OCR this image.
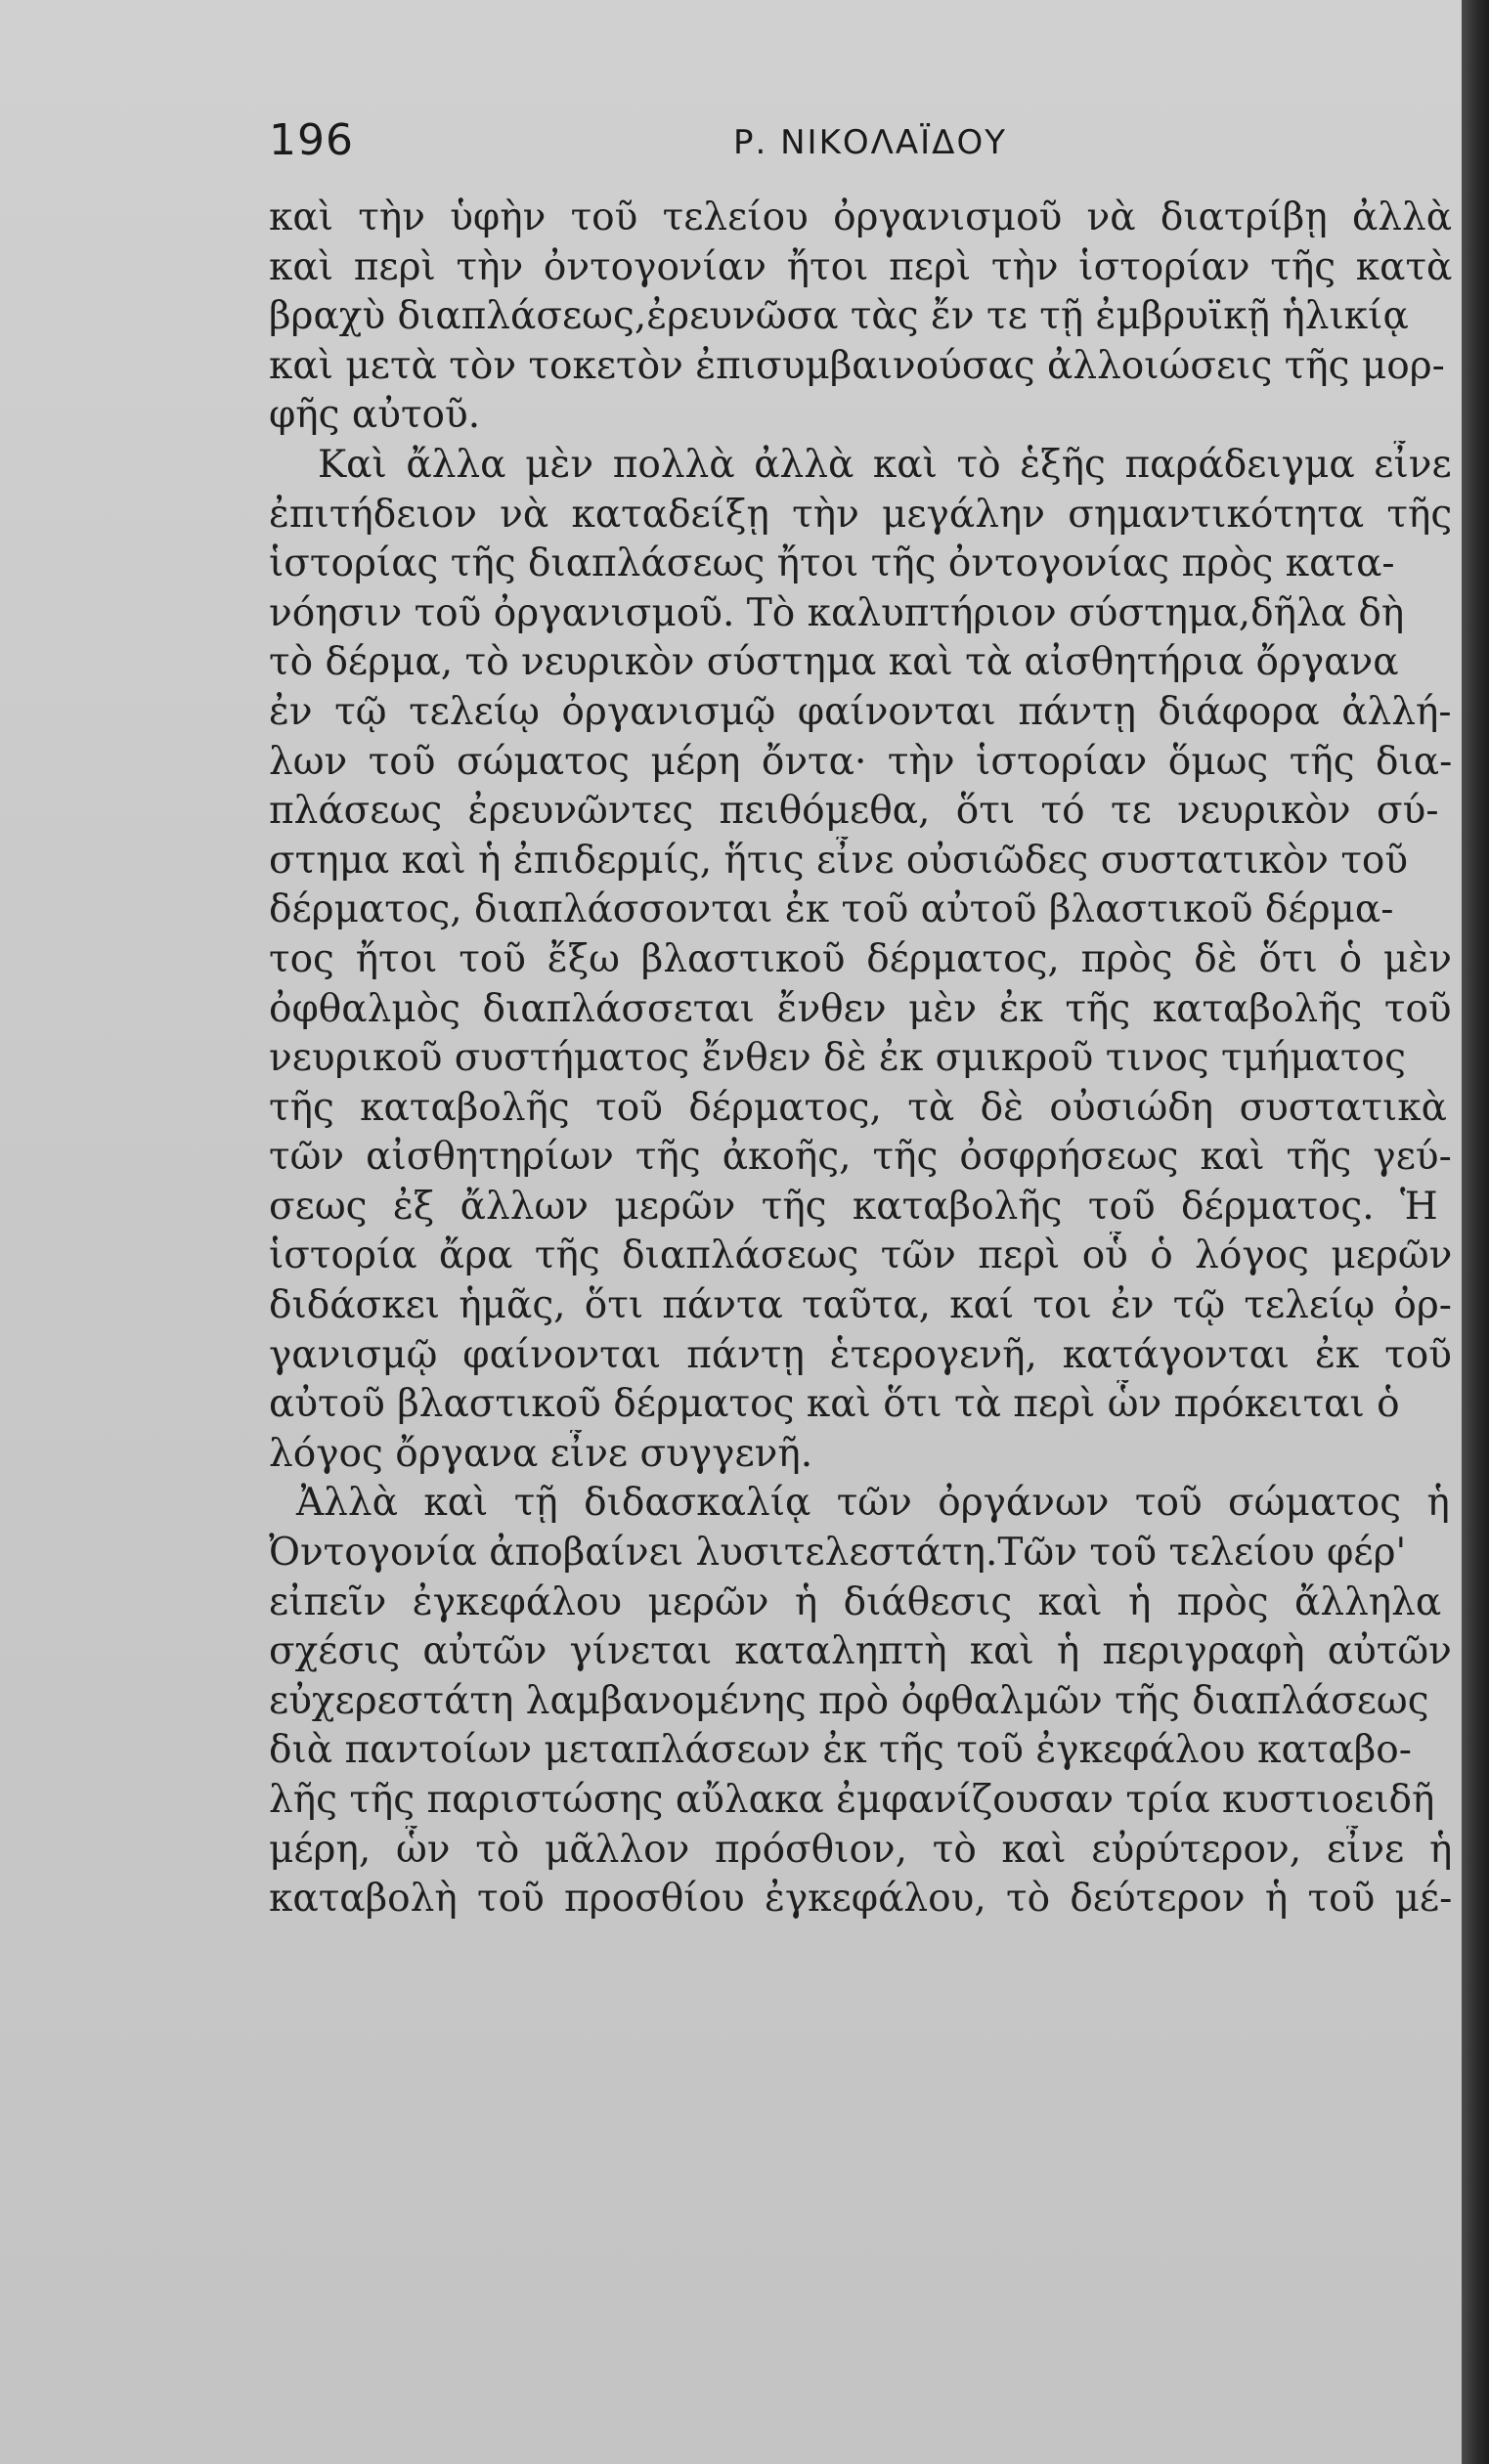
196	Ρ. ΝΙΚΟΛΑΪΔΟΥ
καὶ τὴν ὑφὴν τοῦ τελείου ὀργανισμοῦ νὰ διατρίβῃ ἀλλὰ
καὶ περὶ τὴν ὀντογονίαν ἤτοι περὶ τὴν ἱστορίαν τῆς κατὰ
βραχὺ διαπλάσεως,ἐρευνῶσα τὰς ἔν τε τῇ ἐμβρυϊκῇ ἡλικίᾳ
καὶ μετὰ τὸν τοκετὸν ἐπισυμβαινούσας ἀλλοιώσεις τῆς μορ-
φῆς αὐτοῦ.
Καὶ ἄλλα μὲν πολλὰ ἀλλὰ καὶ τὸ ἑξῆς παράδειγμα εἶνε
ἐπιτήδειον νὰ καταδείξῃ τὴν μεγάλην σημαντικότητα τῆς
ἱστορίας τῆς διαπλάσεως ἤτοι τῆς ὀντογονίας πρὸς κατα-
νόησιν τοῦ ὀργανισμοῦ. Τὸ καλυπτήριον σύστημα,δῆλα δὴ
τὸ δέρμα, τὸ νευρικὸν σύστημα καὶ τὰ αἰσθητήρια ὄργανα
ἐν τῷ τελείῳ ὀργανισμῷ φαίνονται πάντῃ διάφορα ἀλλή-
λων τοῦ σώματος μέρη ὄντα· τὴν ἱστορίαν ὅμως τῆς δια-
πλάσεως ἐρευνῶντες πειθόμεθα, ὅτι τό τε νευρικὸν σύ-
στημα καὶ ἡ ἐπιδερμίς, ἥτις εἶνε οὐσιῶδες συστατικὸν τοῦ
δέρματος, διαπλάσσονται ἐκ τοῦ αὐτοῦ βλαστικοῦ δέρμα-
τος ἤτοι τοῦ ἔξω βλαστικοῦ δέρματος, πρὸς δὲ ὅτι ὁ μὲν
ὀφθαλμὸς διαπλάσσεται ἔνθεν μὲν ἐκ τῆς καταβολῆς τοῦ
νευρικοῦ συστήματος ἔνθεν δὲ ἐκ σμικροῦ τινος τμήματος
τῆς καταβολῆς τοῦ δέρματος, τὰ δὲ οὐσιώδη συστατικὰ
τῶν αἰσθητηρίων τῆς ἀκοῆς, τῆς ὀσφρήσεως καὶ τῆς γεύ-
σεως ἐξ ἄλλων μερῶν τῆς καταβολῆς τοῦ δέρματος. Ἡ
ἱστορία ἄρα τῆς διαπλάσεως τῶν περὶ οὗ ὁ λόγος μερῶν
διδάσκει ἡμᾶς, ὅτι πάντα ταῦτα, καί τοι ἐν τῷ τελείῳ ὀρ-
γανισμῷ φαίνονται πάντῃ ἑτερογενῆ, κατάγονται ἐκ τοῦ
αὐτοῦ βλαστικοῦ δέρματος καὶ ὅτι τὰ περὶ ὧν πρόκειται ὁ
λόγος ὄργανα εἶνε συγγενῆ.
Ἀλλὰ καὶ τῇ διδασκαλίᾳ τῶν ὀργάνων τοῦ σώματος ἡ
Ὀντογονία ἀποβαίνει λυσιτελεστάτη.Τῶν τοῦ τελείου φέρ'
εἰπεῖν ἐγκεφάλου μερῶν ἡ διάθεσις καὶ ἡ πρὸς ἄλληλα
σχέσις αὐτῶν γίνεται καταληπτὴ καὶ ἡ περιγραφὴ αὐτῶν
εὐχερεστάτη λαμβανομένης πρὸ ὀφθαλμῶν τῆς διαπλάσεως
διὰ παντοίων μεταπλάσεων ἐκ τῆς τοῦ ἐγκεφάλου καταβο-
λῆς τῆς παριστώσης αὔλακα ἐμφανίζουσαν τρία κυστιοειδῆ
μέρη, ὧν τὸ μᾶλλον πρόσθιον, τὸ καὶ εὐρύτερον, εἶνε ἡ
καταβολὴ τοῦ προσθίου ἐγκεφάλου, τὸ δεύτερον ἡ τοῦ μέ-
